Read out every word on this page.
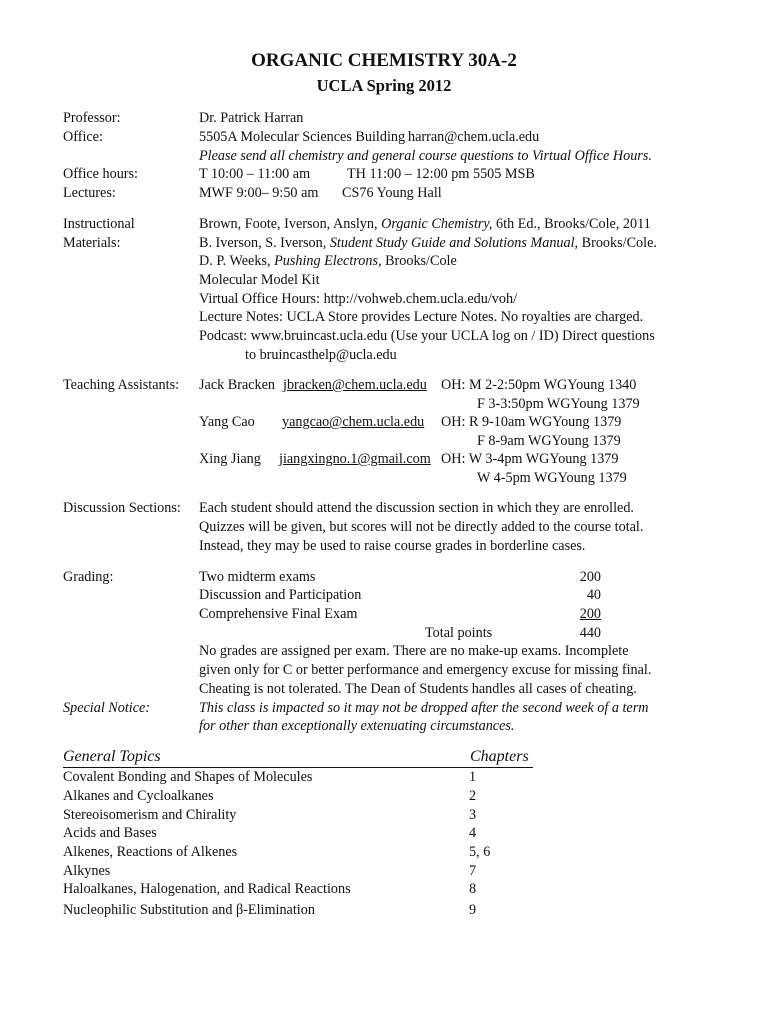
ORGANIC CHEMISTRY 30A-2
UCLA Spring 2012
Professor:	Dr. Patrick Harran
Office:	5505A Molecular Sciences Building harran@chem.ucla.edu
Please send all chemistry and general course questions to Virtual Office Hours.
Office hours:	T 10:00 – 11:00 am	TH 11:00 – 12:00 pm 5505 MSB
Lectures:	MWF 9:00– 9:50 am CS76 Young Hall
Instructional	Brown, Foote, Iverson, Anslyn, Organic Chemistry, 6th Ed., Brooks/Cole, 2011
Materials:	B. Iverson, S. Iverson, Student Study Guide and Solutions Manual, Brooks/Cole.
D. P. Weeks, Pushing Electrons, Brooks/Cole
Molecular Model Kit
Virtual Office Hours: http://vohweb.chem.ucla.edu/voh/
Lecture Notes: UCLA Store provides Lecture Notes. No royalties are charged.
Podcast: www.bruincast.ucla.edu (Use your UCLA log on / ID) Direct questions
to bruincasthelp@ucla.edu
Teaching Assistants: Jack Bracken jbracken@chem.ucla.edu OH: M 2-2:50pm WGYoung 1340
F 3-3:50pm WGYoung 1379
Yang Cao yangcao@chem.ucla.edu OH: R 9-10am WGYoung 1379
F 8-9am WGYoung 1379
Xing Jiang jiangxingno.1@gmail.com OH: W 3-4pm WGYoung 1379
W 4-5pm WGYoung 1379
Discussion Sections: Each student should attend the discussion section in which they are enrolled.
Quizzes will be given, but scores will not be directly added to the course total.
Instead, they may be used to raise course grades in borderline cases.
Grading:	Two midterm exams	200
Discussion and Participation	40
Comprehensive Final Exam	200
Total points	440
No grades are assigned per exam. There are no make-up exams. Incomplete
given only for C or better performance and emergency excuse for missing final.
Cheating is not tolerated. The Dean of Students handles all cases of cheating.
Special Notice:	This class is impacted so it may not be dropped after the second week of a term
for other than exceptionally extenuating circumstances.
General Topics	Chapters
Covalent Bonding and Shapes of Molecules	1
Alkanes and Cycloalkanes	2
Stereoisomerism and Chirality	3
Acids and Bases	4
Alkenes, Reactions of Alkenes	5, 6
Alkynes	7
Haloalkanes, Halogenation, and Radical Reactions	8
Nucleophilic Substitution and β-Elimination	9
